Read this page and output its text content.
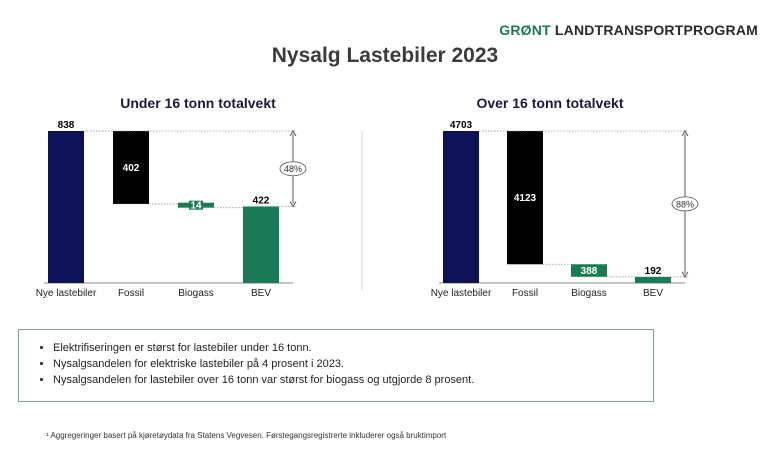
GRØNT LANDTRANSPORTPROGRAM
Nysalg Lastebiler 2023
Under 16 tonn totalvekt
838
Nye lastebiler
402
Fossil
14
Biogass
422
BEV
48%
Over 16 tonn totalvekt
4703
Nye lastebiler
4123
Fossil
388
Biogass
192
BEV
88%
• Elektrifiseringen er størst for lastebiler under 16 tonn.
• Nysalgsandelen for elektriske lastebiler på 4 prosent i 2023.
• Nysalgsandelen for lastebiler over 16 tonn var størst for biogass og utgjorde 8 prosent.
¹ Aggregeringer basert på kjøretøydata fra Statens Vegvesen. Førstegangsregistrerte inkluderer også bruktimport
